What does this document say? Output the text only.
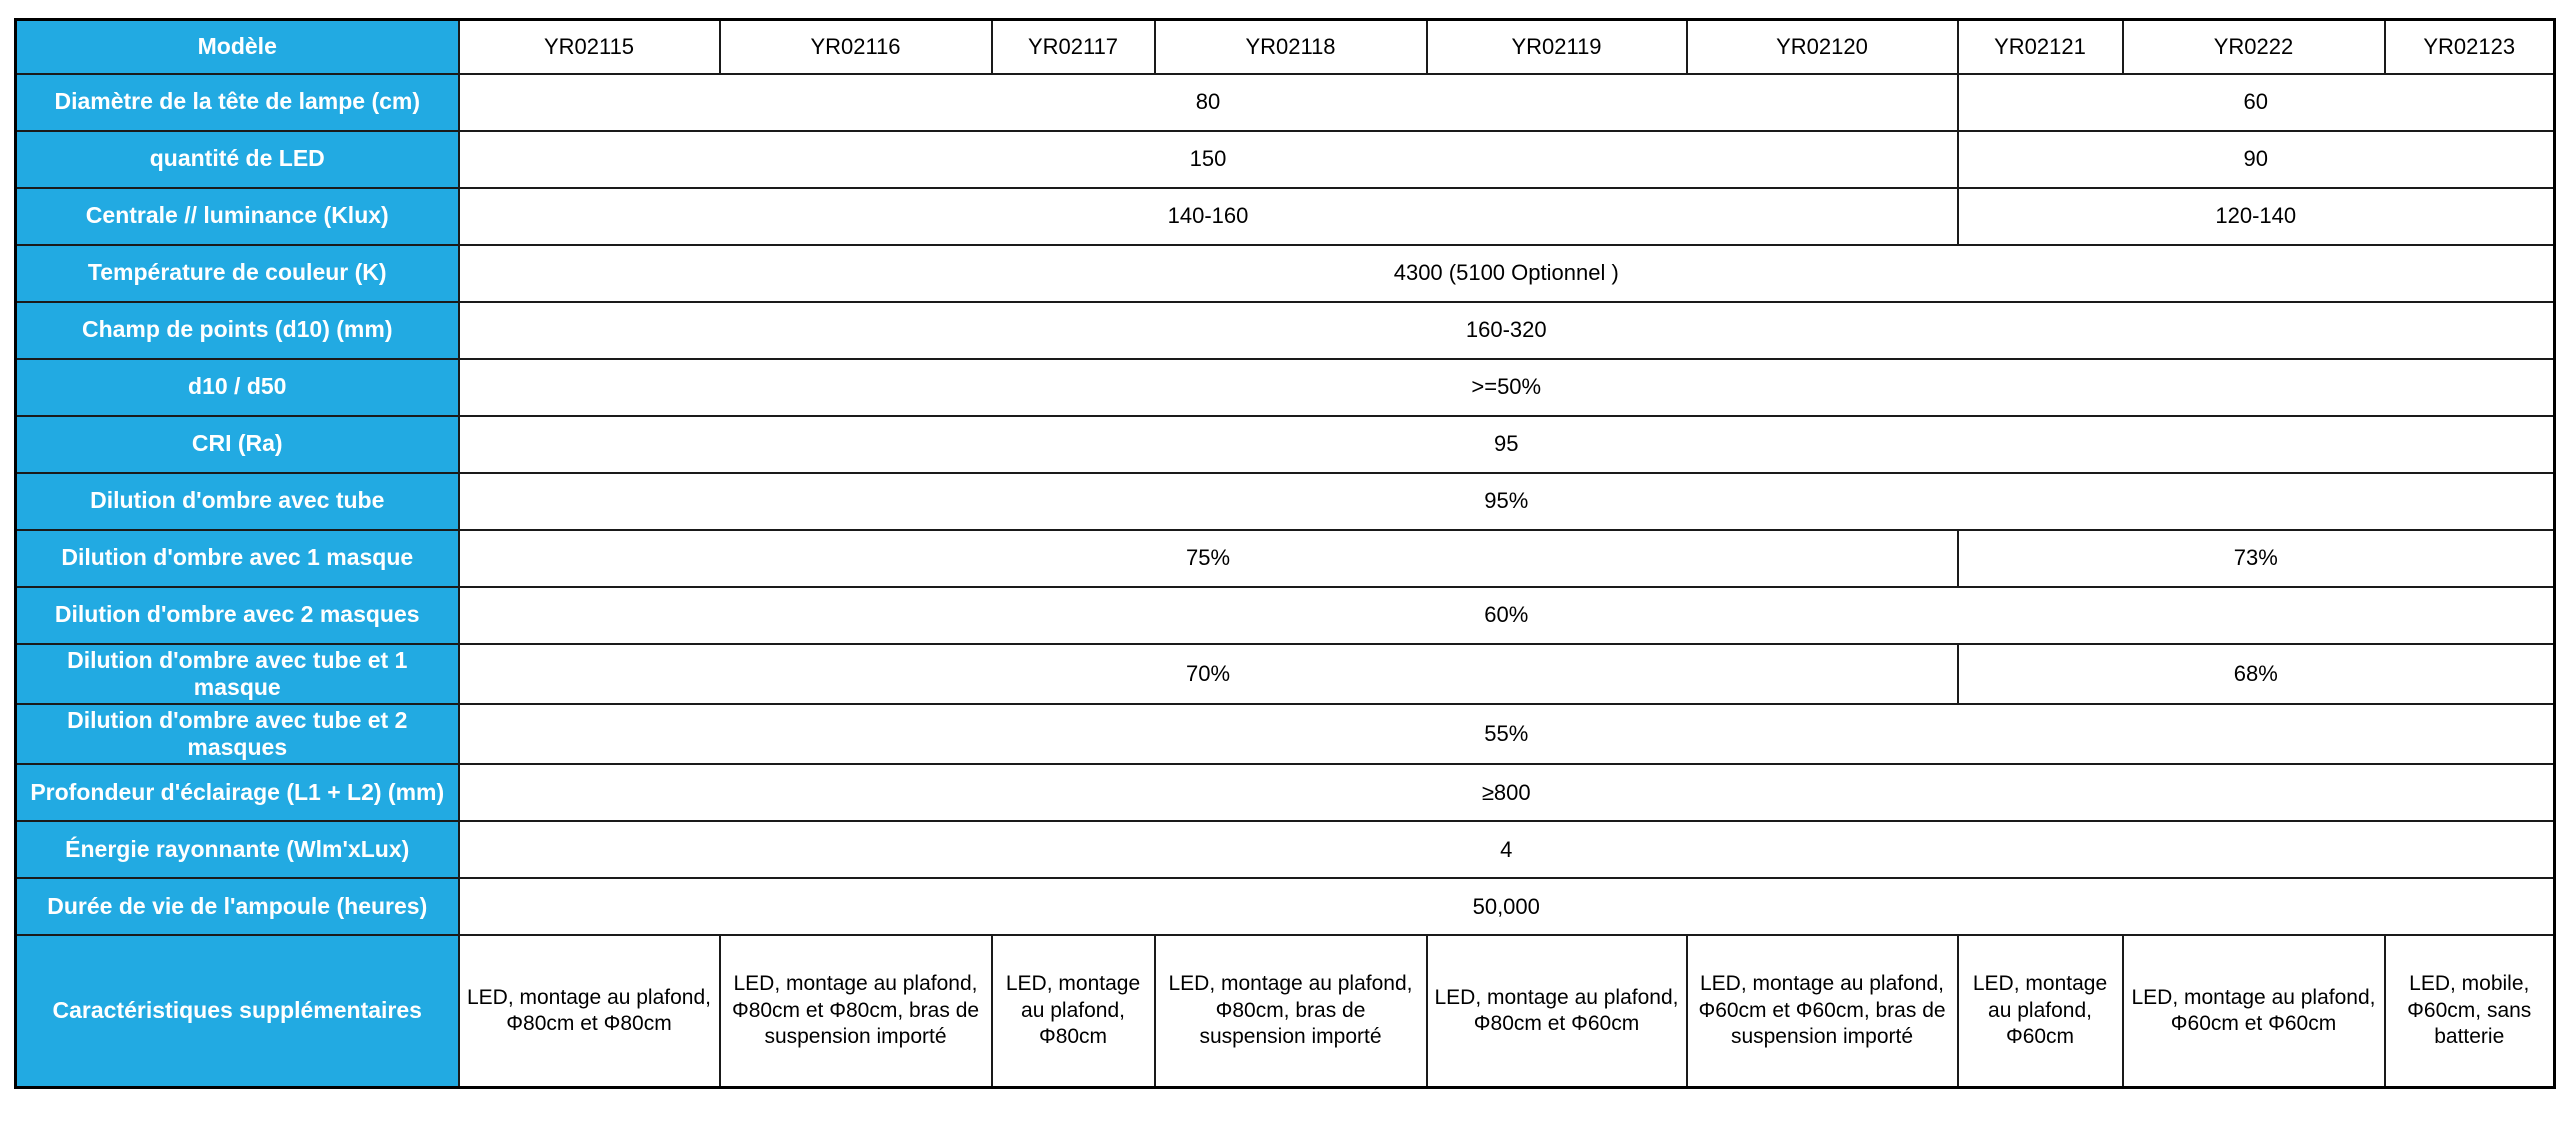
Modèle	YR02115	YR02116	YR02117	YR02118	YR02119	YR02120	YR02121	YR0222	YR02123
Diamètre de la tête de lampe (cm)	80						60		
quantité de LED	150						90		
Centrale // luminance (Klux)	140-160						120-140		
Température de couleur (K)	4300 (5100 Optionnel )								
Champ de points (d10) (mm)	160-320								
d10 / d50	>=50%								
CRI (Ra)	95								
Dilution d'ombre avec tube	95%								
Dilution d'ombre avec 1 masque	75%						73%		
Dilution d'ombre avec 2 masques	60%								
Dilution d'ombre avec tube et 1 masque	70%						68%		
Dilution d'ombre avec tube et 2 masques	55%								
Profondeur d'éclairage (L1 + L2) (mm)	≥800								
Énergie rayonnante (Wlm'xLux)	4								
Durée de vie de l'ampoule (heures)	50,000								
Caractéristiques supplémentaires	LED, montage au plafond, Φ80cm et Φ80cm	LED, montage au plafond, Φ80cm et Φ80cm, bras de suspension importé	LED, montage au plafond, Φ80cm	LED, montage au plafond, Φ80cm, bras de suspension importé	LED, montage au plafond, Φ80cm et Φ60cm	LED, montage au plafond, Φ60cm et Φ60cm, bras de suspension importé	LED, montage au plafond, Φ60cm	LED, montage au plafond, Φ60cm et Φ60cm	LED, mobile, Φ60cm, sans batterie
